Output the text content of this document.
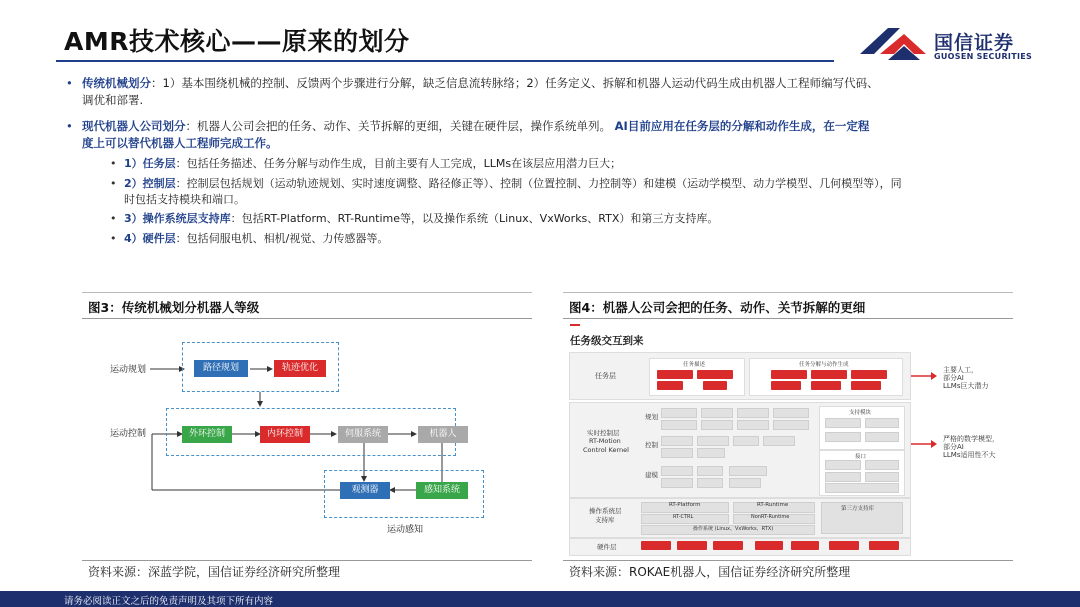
AMR技术核心——原来的划分	国信证券
GUOSEN SECURITIES
• 传统机械划分：1）基本围绕机械的控制、反馈两个步骤进行分解，缺乏信息流转脉络；2）任务定义、拆解和机器人运动代码生成由机器人工程师编写代码、
调优和部署.
• 现代机器人公司划分：机器人公司会把的任务、动作、关节拆解的更细，关键在硬件层，操作系统单列。 AI目前应用在任务层的分解和动作生成，在一定程
度上可以替代机器人工程师完成工作。
• 1）任务层：包括任务描述、任务分解与动作生成，目前主要有人工完成，LLMs在该层应用潜力巨大；
• 2）控制层：控制层包括规划（运动轨迹规划、实时速度调整、路径修正等）、控制（位置控制、力控制等）和建模（运动学模型、动力学模型、几何模型等），同
时包括支持模块和端口。
• 3）操作系统层支持库：包括RT-Platform、RT-Runtime等，以及操作系统（Linux、VxWorks、RTX）和第三方支持库。
• 4）硬件层：包括伺服电机、相机/视觉、力传感器等。
图3：传统机械划分机器人等级
运动规划
运动控制
运动感知
路径规划	轨迹优化
外环控制	内环控制	伺服系统	机器人
观测器	感知系统
资料来源：深蓝学院，国信证券经济研究所整理
图4：机器人公司会把的任务、动作、关节拆解的更细
任务级交互到来
任务层
实时控制层
RT-Motion
Control Kernel
操作系统层
支持库
硬件层
任务描述	任务分解与动作生成
规划
控制
建模
支持模块
接口
RT-Platform	RT-Runtime
RT-CTRL	NonRT-Runtime
操作系统 (Linux、VxWorks、RTX)
第三方支持库
主要人工，
部分AI
LLMs巨大潜力
严格的数学模型，
部分AI
LLMs适用性不大
资料来源：ROKAE机器人，国信证券经济研究所整理
请务必阅读正文之后的免责声明及其项下所有内容
